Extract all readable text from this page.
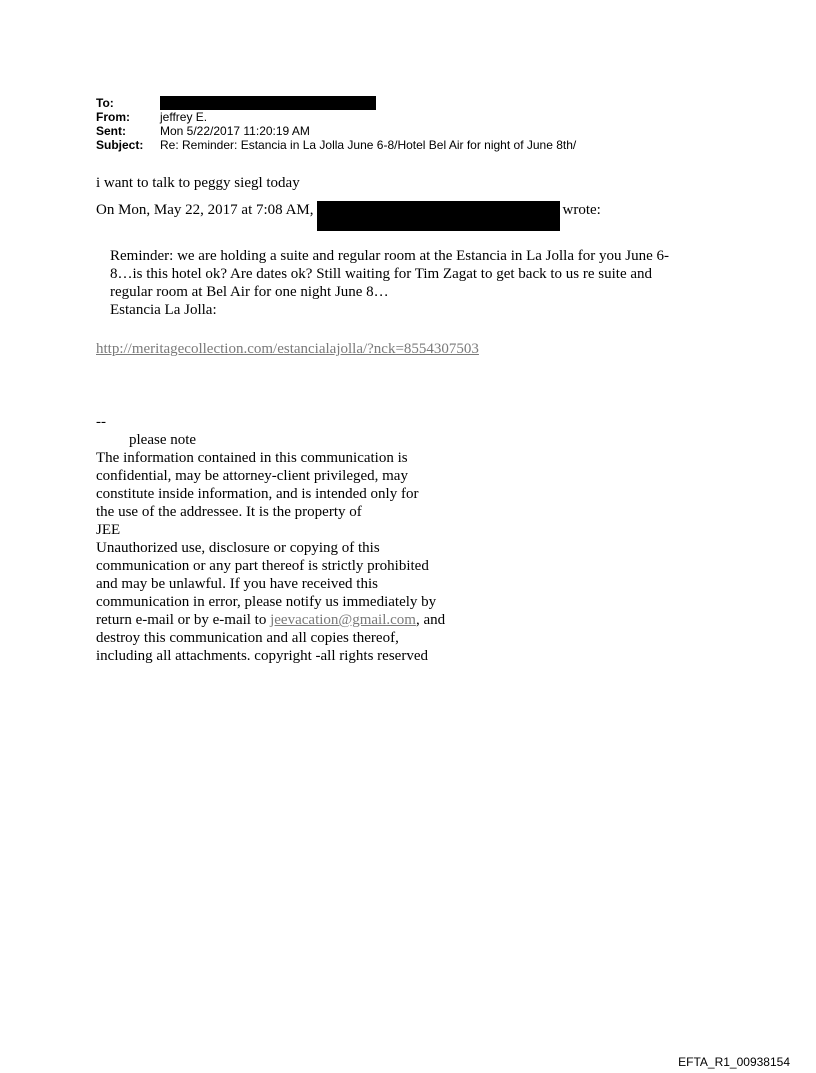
To:
From:	jeffrey E.
Sent:	Mon 5/22/2017 11:20:19 AM
Subject:	Re: Reminder: Estancia in La Jolla June 6-8/Hotel Bel Air for night of June 8th/
i want to talk to peggy siegl today
On Mon, May 22, 2017 at 7:08 AM,	wrote:
Reminder: we are holding a suite and regular room at the Estancia in La Jolla for you June 6-
8…is this hotel ok? Are dates ok? Still waiting for Tim Zagat to get back to us re suite and
regular room at Bel Air for one night June 8…
Estancia La Jolla:
http://meritagecollection.com/estancialajolla/?nck=8554307503
--
please note
The information contained in this communication is
confidential, may be attorney-client privileged, may
constitute inside information, and is intended only for
the use of the addressee. It is the property of
JEE
Unauthorized use, disclosure or copying of this
communication or any part thereof is strictly prohibited
and may be unlawful. If you have received this
communication in error, please notify us immediately by
return e-mail or by e-mail to jeevacation@gmail.com, and
destroy this communication and all copies thereof,
including all attachments. copyright -all rights reserved
EFTA_R1_00938154
